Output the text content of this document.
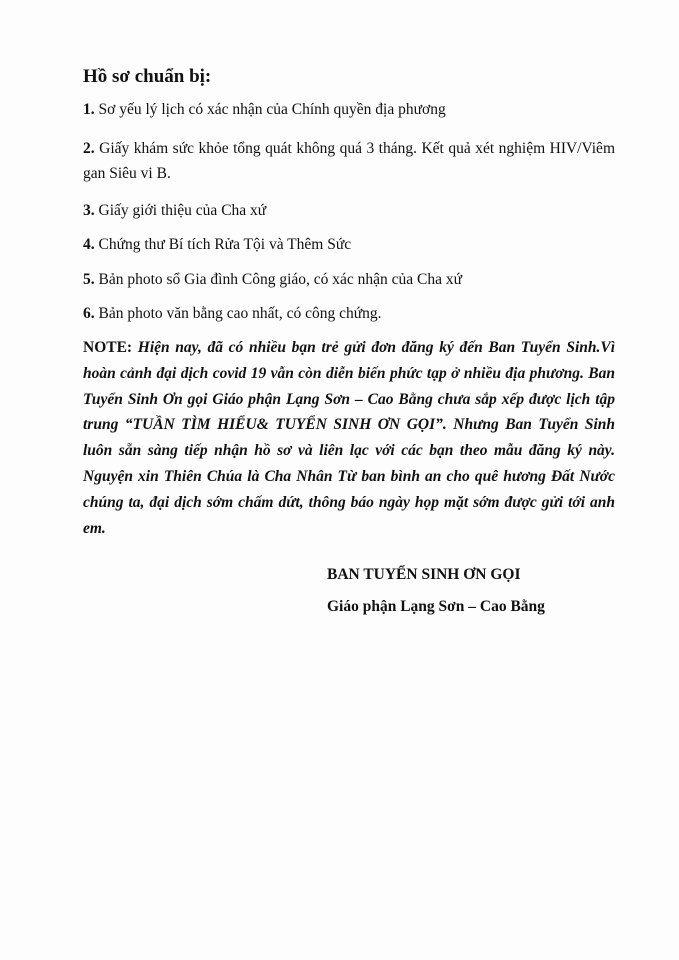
Hồ sơ chuẩn bị:

1. Sơ yếu lý lịch có xác nhận của Chính quyền địa phương

2. Giấy khám sức khỏe tổng quát không quá 3 tháng. Kết quả xét nghiệm HIV/Viêm gan Siêu vi B.

3. Giấy giới thiệu của Cha xứ

4. Chứng thư Bí tích Rửa Tội và Thêm Sức

5. Bản photo sổ Gia đình Công giáo, có xác nhận của Cha xứ

6. Bản photo văn bằng cao nhất, có công chứng.

NOTE: Hiện nay, đã có nhiều bạn trẻ gửi đơn đăng ký đến Ban Tuyển Sinh.Vì hoàn cảnh đại dịch covid 19 vẫn còn diễn biến phức tạp ở nhiều địa phương. Ban Tuyển Sinh Ơn gọi Giáo phận Lạng Sơn – Cao Bằng chưa sắp xếp được lịch tập trung “TUẦN TÌM HIỂU& TUYỂN SINH ƠN GỌI”. Nhưng Ban Tuyển Sinh luôn sẵn sàng tiếp nhận hồ sơ và liên lạc với các bạn theo mẫu đăng ký này. Nguyện xin Thiên Chúa là Cha Nhân Từ ban bình an cho quê hương Đất Nước chúng ta, đại dịch sớm chấm dứt, thông báo ngày họp mặt sớm được gửi tới anh em.

BAN TUYỂN SINH ƠN GỌI

Giáo phận Lạng Sơn – Cao Bằng
